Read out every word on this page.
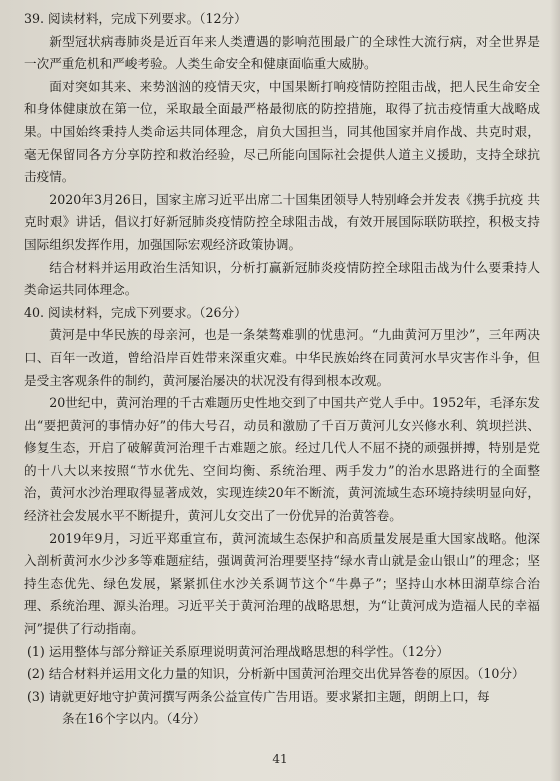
39. 阅读材料，完成下列要求。（12分）

新型冠状病毒肺炎是近百年来人类遭遇的影响范围最广的全球性大流行病，对全世界是一次严重危机和严峻考验。人类生命安全和健康面临重大威胁。

面对突如其来、来势汹汹的疫情天灾，中国果断打响疫情防控阻击战，把人民生命安全和身体健康放在第一位，采取最全面最严格最彻底的防控措施，取得了抗击疫情重大战略成果。中国始终秉持人类命运共同体理念，肩负大国担当，同其他国家并肩作战、共克时艰，毫无保留同各方分享防控和救治经验，尽己所能向国际社会提供人道主义援助，支持全球抗击疫情。

2020年3月26日，国家主席习近平出席二十国集团领导人特别峰会并发表《携手抗疫 共克时艰》讲话，倡议打好新冠肺炎疫情防控全球阻击战，有效开展国际联防联控，积极支持国际组织发挥作用，加强国际宏观经济政策协调。

结合材料并运用政治生活知识，分析打赢新冠肺炎疫情防控全球阻击战为什么要秉持人类命运共同体理念。

40. 阅读材料，完成下列要求。（26分）

黄河是中华民族的母亲河，也是一条桀骜难驯的忧患河。“九曲黄河万里沙”，三年两决口、百年一改道，曾给沿岸百姓带来深重灾难。中华民族始终在同黄河水旱灾害作斗争，但是受主客观条件的制约，黄河屡治屡决的状况没有得到根本改观。

20世纪中，黄河治理的千古难题历史性地交到了中国共产党人手中。1952年，毛泽东发出“要把黄河的事情办好”的伟大号召，动员和激励了千百万黄河儿女兴修水利、筑坝拦洪、修复生态，开启了破解黄河治理千古难题之旅。经过几代人不屈不挠的顽强拼搏，特别是党的十八大以来按照“节水优先、空间均衡、系统治理、两手发力”的治水思路进行的全面整治，黄河水沙治理取得显著成效，实现连续20年不断流，黄河流域生态环境持续明显向好，经济社会发展水平不断提升，黄河儿女交出了一份优异的治黄答卷。

2019年9月，习近平郑重宣布，黄河流域生态保护和高质量发展是重大国家战略。他深入剖析黄河水少沙多等难题症结，强调黄河治理要坚持“绿水青山就是金山银山”的理念；坚持生态优先、绿色发展，紧紧抓住水沙关系调节这个“牛鼻子”；坚持山水林田湖草综合治理、系统治理、源头治理。习近平关于黄河治理的战略思想，为“让黄河成为造福人民的幸福河”提供了行动指南。

(1) 运用整体与部分辩证关系原理说明黄河治理战略思想的科学性。（12分）

(2) 结合材料并运用文化力量的知识，分析新中国黄河治理交出优异答卷的原因。（10分）

(3) 请就更好地守护黄河撰写两条公益宣传广告用语。要求紧扣主题，朗朗上口，每

条在16个字以内。（4分）

41
